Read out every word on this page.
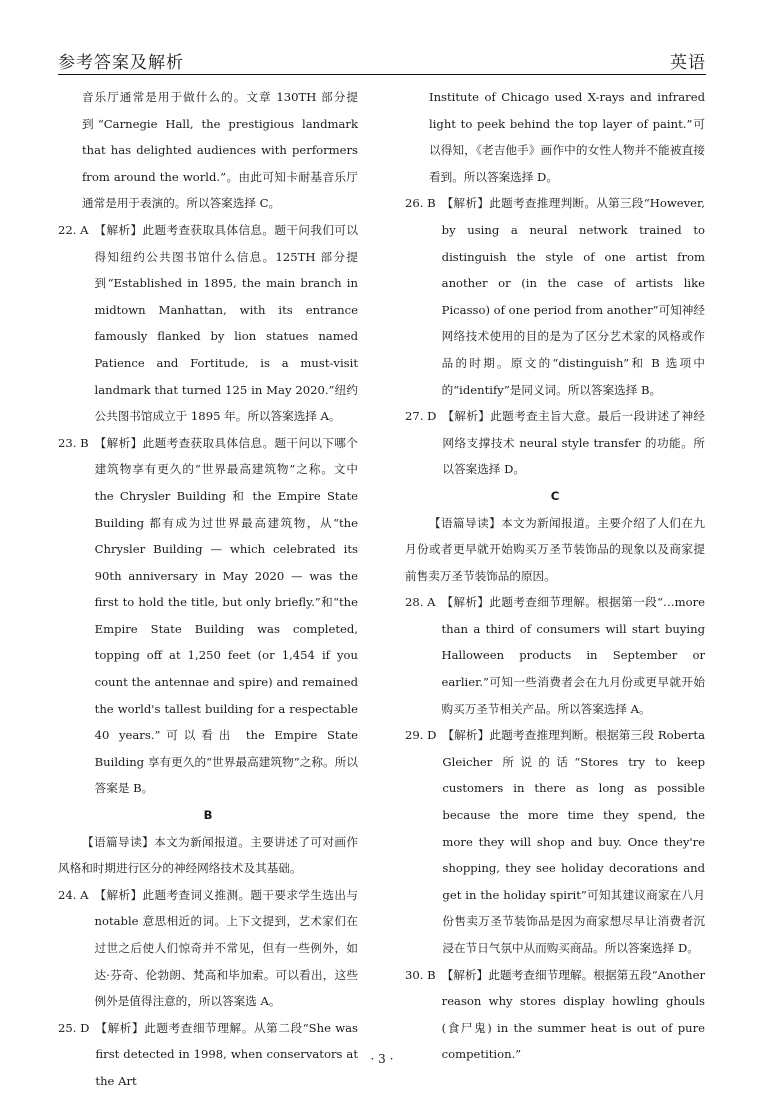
参考答案及解析	英语
音乐厅通常是用于做什么的。文章 130TH 部分提到“Carnegie Hall, the prestigious landmark that has delighted audiences with performers from around the world.”。由此可知卡耐基音乐厅通常是用于表演的。所以答案选择 C。
22. A 【解析】此题考查获取具体信息。题干问我们可以得知纽约公共图书馆什么信息。125TH 部分提到“Established in 1895, the main branch in midtown Manhattan, with its entrance famously flanked by lion statues named Patience and Fortitude, is a must-visit landmark that turned 125 in May 2020.”纽约公共图书馆成立于 1895 年。所以答案选择 A。
23. B 【解析】此题考查获取具体信息。题干问以下哪个建筑物享有更久的“世界最高建筑物”之称。文中 the Chrysler Building 和 the Empire State Building 都有成为过世界最高建筑物，从“the Chrysler Building — which celebrated its 90th anniversary in May 2020 — was the first to hold the title, but only briefly.”和“the Empire State Building was completed, topping off at 1,250 feet (or 1,454 if you count the antennae and spire) and remained the world's tallest building for a respectable 40 years.”可以看出 the Empire State Building 享有更久的“世界最高建筑物”之称。所以答案是 B。
B
【语篇导读】本文为新闻报道。主要讲述了可对画作风格和时期进行区分的神经网络技术及其基础。
24. A 【解析】此题考查词义推测。题干要求学生选出与 notable 意思相近的词。上下文提到，艺术家们在过世之后使人们惊奇并不常见，但有一些例外，如达·芬奇、伦勃朗、梵高和毕加索。可以看出，这些例外是值得注意的，所以答案选 A。
25. D 【解析】此题考查细节理解。从第二段“She was first detected in 1998, when conservators at the Art
Institute of Chicago used X-rays and infrared light to peek behind the top layer of paint.”可以得知，《老吉他手》画作中的女性人物并不能被直接看到。所以答案选择 D。
26. B 【解析】此题考查推理判断。从第三段“However, by using a neural network trained to distinguish the style of one artist from another or (in the case of artists like Picasso) of one period from another”可知神经网络技术使用的目的是为了区分艺术家的风格或作品的时期。原文的“distinguish”和 B 选项中的“identify”是同义词。所以答案选择 B。
27. D 【解析】此题考查主旨大意。最后一段讲述了神经网络支撑技术 neural style transfer 的功能。所以答案选择 D。
C
【语篇导读】本文为新闻报道。主要介绍了人们在九月份或者更早就开始购买万圣节装饰品的现象以及商家提前售卖万圣节装饰品的原因。
28. A 【解析】此题考查细节理解。根据第一段“…more than a third of consumers will start buying Halloween products in September or earlier.”可知一些消费者会在九月份或更早就开始购买万圣节相关产品。所以答案选择 A。
29. D 【解析】此题考查推理判断。根据第三段 Roberta Gleicher 所说的话“Stores try to keep customers in there as long as possible because the more time they spend, the more they will shop and buy. Once they're shopping, they see holiday decorations and get in the holiday spirit”可知其建议商家在八月份售卖万圣节装饰品是因为商家想尽早让消费者沉浸在节日气氛中从而购买商品。所以答案选择 D。
30. B 【解析】此题考查细节理解。根据第五段“Another reason why stores display howling ghouls (食尸鬼) in the summer heat is out of pure competition.”
· 3 ·
